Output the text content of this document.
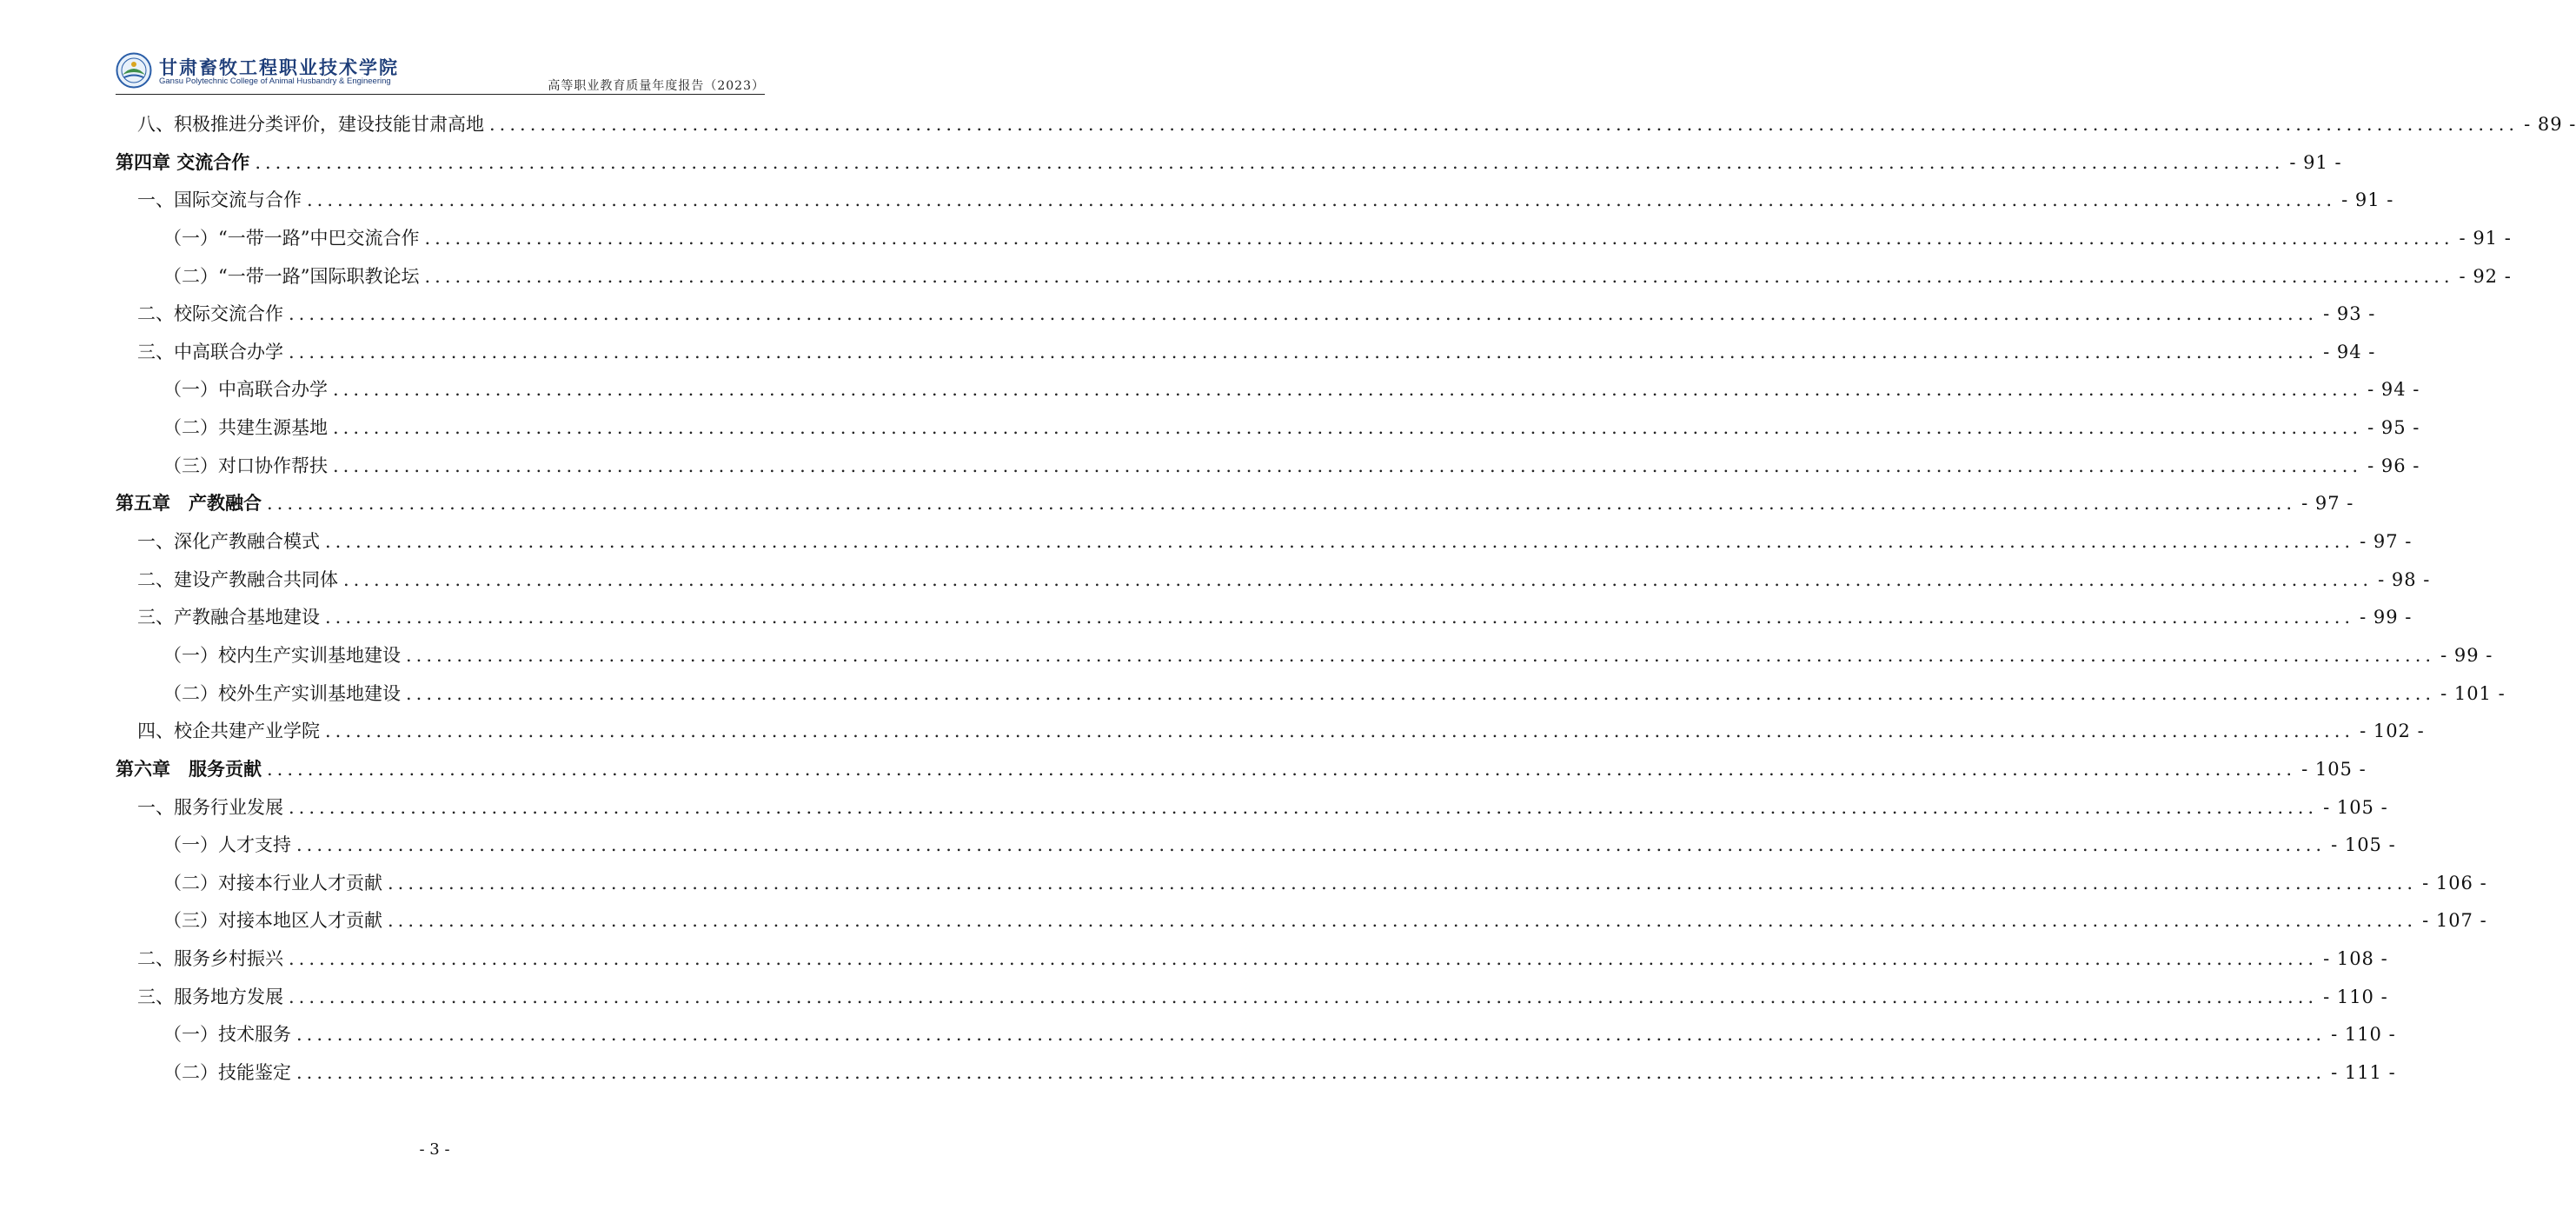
甘肃畜牧工程职业技术学院
Gansu Polytechnic College of Animal Husbandry & Engineering	高等职业教育质量年度报告（2023）
八、积极推进分类评价，建设技能甘肃高地 ........................................................................................................................................................................................................ - 89 -
第四章 交流合作 ........................................................................................................................................................................................................ - 91 -
一、国际交流与合作 ........................................................................................................................................................................................................ - 91 -
（一）“一带一路”中巴交流合作 ........................................................................................................................................................................................................ - 91 -
（二）“一带一路”国际职教论坛 ........................................................................................................................................................................................................ - 92 -
二、校际交流合作 ........................................................................................................................................................................................................ - 93 -
三、中高联合办学 ........................................................................................................................................................................................................ - 94 -
（一）中高联合办学 ........................................................................................................................................................................................................ - 94 -
（二）共建生源基地 ........................................................................................................................................................................................................ - 95 -
（三）对口协作帮扶 ........................................................................................................................................................................................................ - 96 -
第五章　产教融合 ........................................................................................................................................................................................................ - 97 -
一、深化产教融合模式 ........................................................................................................................................................................................................ - 97 -
二、建设产教融合共同体 ........................................................................................................................................................................................................ - 98 -
三、产教融合基地建设 ........................................................................................................................................................................................................ - 99 -
（一）校内生产实训基地建设 ........................................................................................................................................................................................................ - 99 -
（二）校外生产实训基地建设 ........................................................................................................................................................................................................ - 101 -
四、校企共建产业学院 ........................................................................................................................................................................................................ - 102 -
第六章　服务贡献 ........................................................................................................................................................................................................ - 105 -
一、服务行业发展 ........................................................................................................................................................................................................ - 105 -
（一）人才支持 ........................................................................................................................................................................................................ - 105 -
（二）对接本行业人才贡献 ........................................................................................................................................................................................................ - 106 -
（三）对接本地区人才贡献 ........................................................................................................................................................................................................ - 107 -
二、服务乡村振兴 ........................................................................................................................................................................................................ - 108 -
三、服务地方发展 ........................................................................................................................................................................................................ - 110 -
（一）技术服务 ........................................................................................................................................................................................................ - 110 -
（二）技能鉴定 ........................................................................................................................................................................................................ - 111 -
- 3 -
